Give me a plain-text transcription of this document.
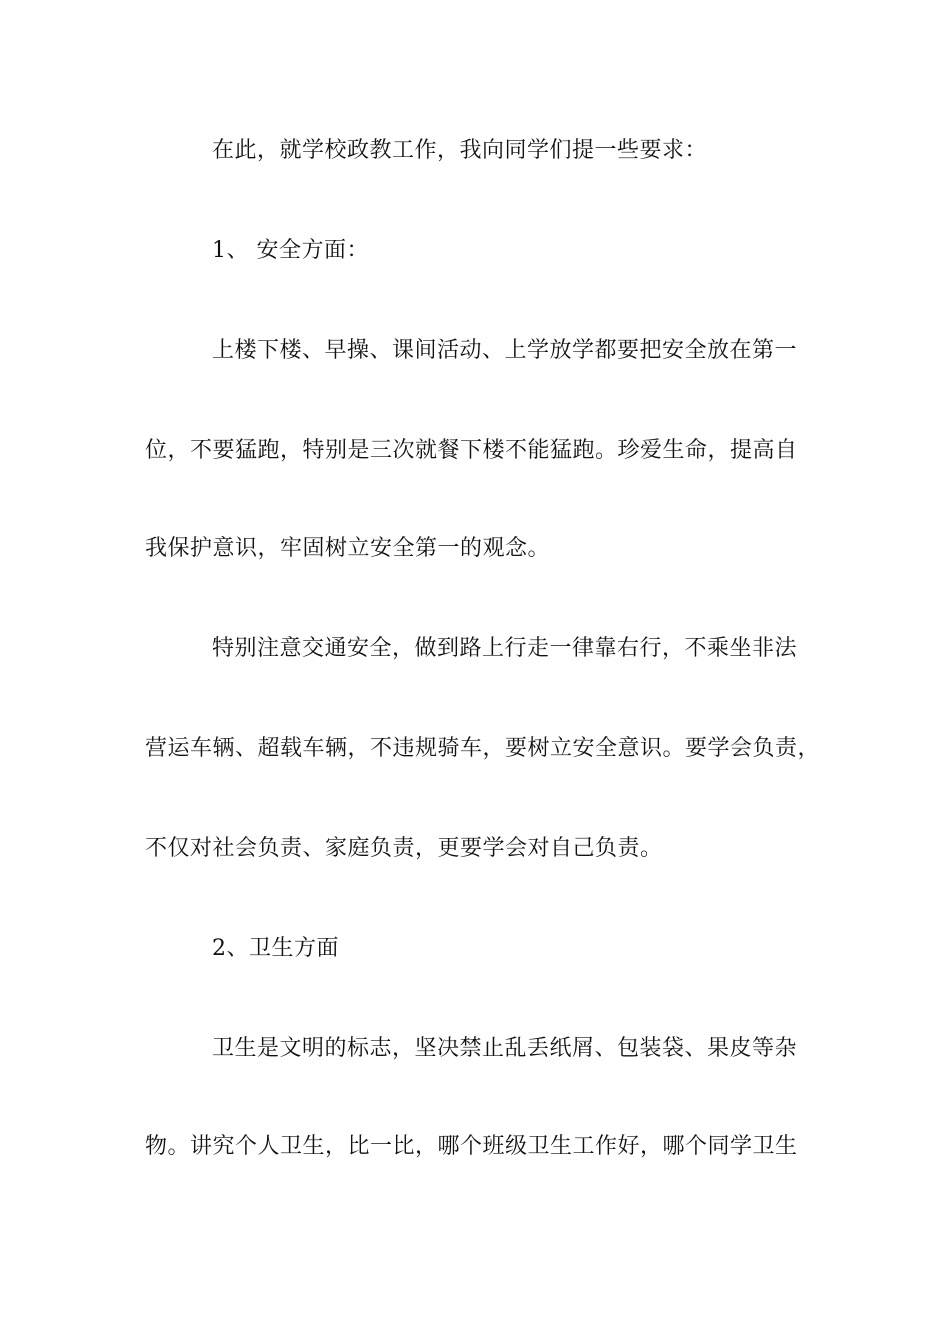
在此，就学校政教工作，我向同学们提一些要求：
1、 安全方面：
上楼下楼、早操、课间活动、上学放学都要把安全放在第一
位，不要猛跑，特别是三次就餐下楼不能猛跑。珍爱生命，提高自
我保护意识，牢固树立安全第一的观念。
特别注意交通安全，做到路上行走一律靠右行，不乘坐非法
营运车辆、超载车辆，不违规骑车，要树立安全意识。要学会负责，
不仅对社会负责、家庭负责，更要学会对自己负责。
2、卫生方面
卫生是文明的标志，坚决禁止乱丢纸屑、包装袋、果皮等杂
物。讲究个人卫生，比一比，哪个班级卫生工作好，哪个同学卫生
